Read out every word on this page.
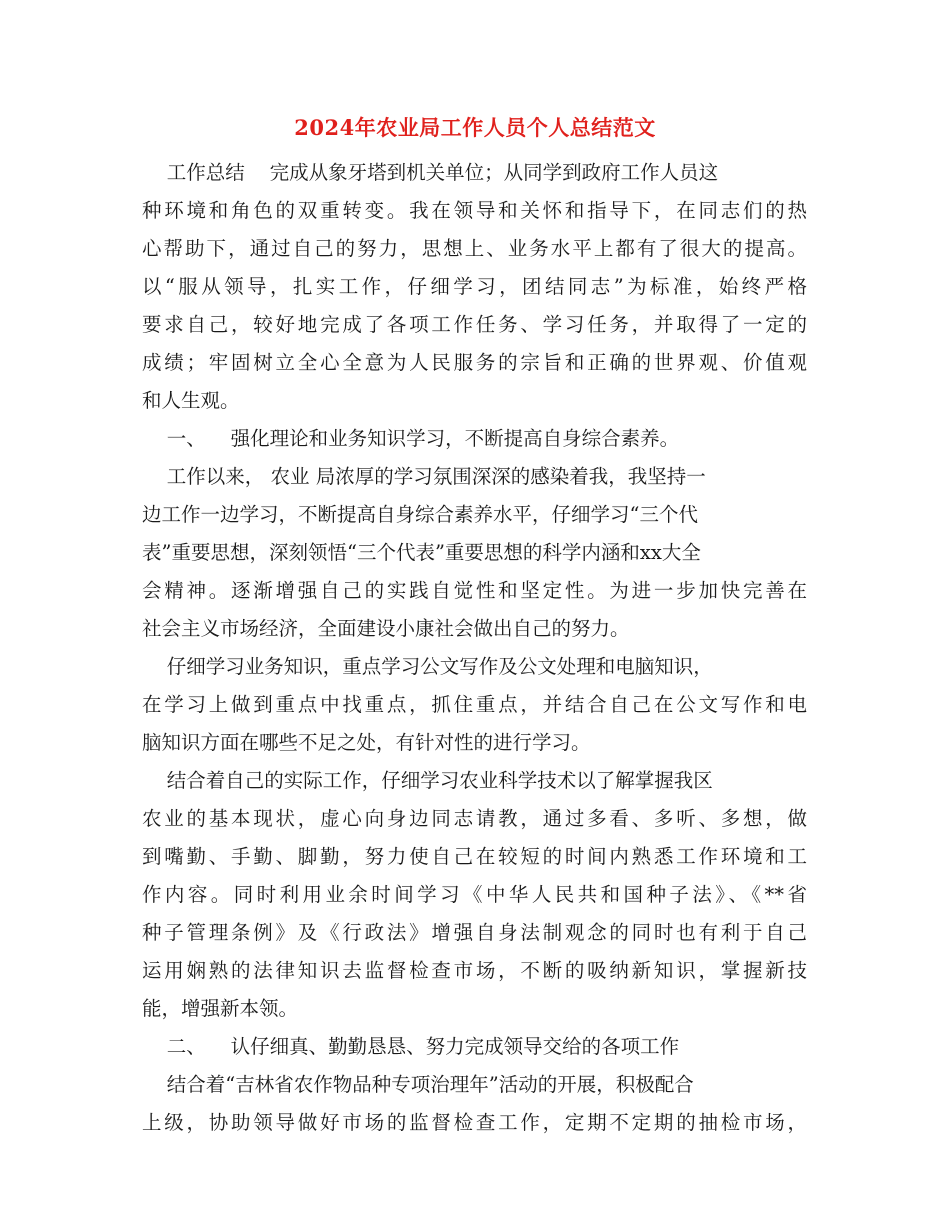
2024年农业局工作人员个人总结范文
工作总结    完成从象牙塔到机关单位；从同学到政府工作人员这
种环境和角色的双重转变。我在领导和关怀和指导下，在同志们的热
心帮助下，通过自己的努力，思想上、业务水平上都有了很大的提高。
以“服从领导，扎实工作，仔细学习，团结同志”为标准，始终严格
要求自己，较好地完成了各项工作任务、学习任务，并取得了一定的
成绩；牢固树立全心全意为人民服务的宗旨和正确的世界观、价值观
和人生观。
一、    强化理论和业务知识学习，不断提高自身综合素养。
工作以来， 农业 局浓厚的学习氛围深深的感染着我，我坚持一
边工作一边学习，不断提高自身综合素养水平，仔细学习“三个代
表”重要思想，深刻领悟“三个代表”重要思想的科学内涵和xx大全
会精神。逐渐增强自己的实践自觉性和坚定性。为进一步加快完善在
社会主义市场经济，全面建设小康社会做出自己的努力。
仔细学习业务知识，重点学习公文写作及公文处理和电脑知识，
在学习上做到重点中找重点，抓住重点，并结合自己在公文写作和电
脑知识方面在哪些不足之处，有针对性的进行学习。
结合着自己的实际工作，仔细学习农业科学技术以了解掌握我区
农业的基本现状，虚心向身边同志请教，通过多看、多听、多想，做
到嘴勤、手勤、脚勤，努力使自己在较短的时间内熟悉工作环境和工
作内容。同时利用业余时间学习《中华人民共和国种子法》、《**省
种子管理条例》及《行政法》增强自身法制观念的同时也有利于自己
运用娴熟的法律知识去监督检查市场，不断的吸纳新知识，掌握新技
能，增强新本领。
二、    认仔细真、勤勤恳恳、努力完成领导交给的各项工作
结合着“吉林省农作物品种专项治理年”活动的开展，积极配合
上级，协助领导做好市场的监督检查工作，定期不定期的抽检市场，
